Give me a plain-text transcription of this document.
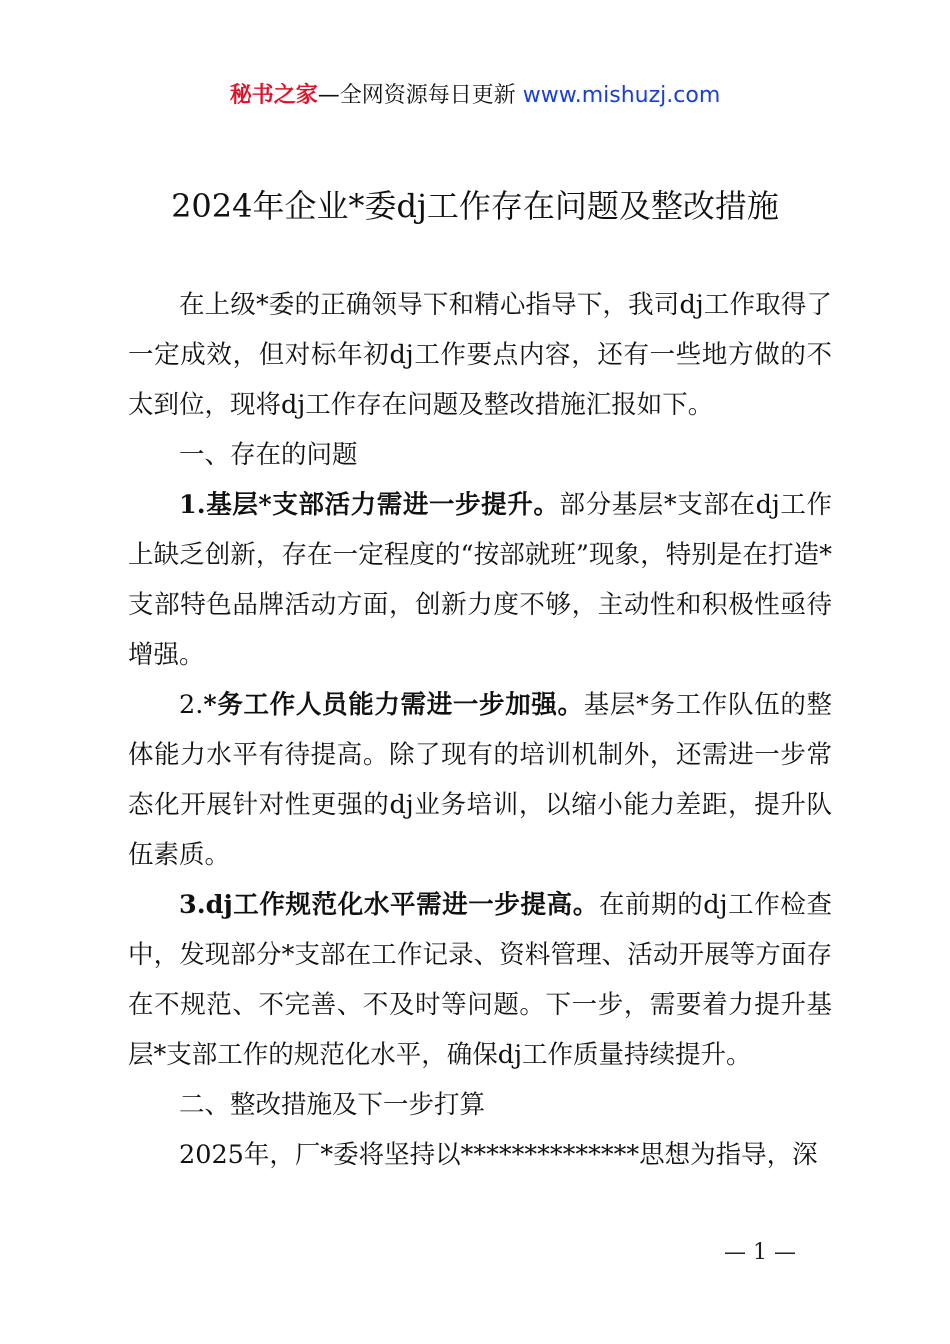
秘书之家—全网资源每日更新 www.mishuzj.com
2024年企业*委dj工作存在问题及整改措施

在上级*委的正确领导下和精心指导下，我司dj工作取得了一定成效，但对标年初dj工作要点内容，还有一些地方做的不太到位，现将dj工作存在问题及整改措施汇报如下。

一、存在的问题

1.基层*支部活力需进一步提升。部分基层*支部在dj工作上缺乏创新，存在一定程度的“按部就班”现象，特别是在打造*支部特色品牌活动方面，创新力度不够，主动性和积极性亟待增强。

2.*务工作人员能力需进一步加强。基层*务工作队伍的整体能力水平有待提高。除了现有的培训机制外，还需进一步常态化开展针对性更强的dj业务培训，以缩小能力差距，提升队伍素质。

3.dj工作规范化水平需进一步提高。在前期的dj工作检查中，发现部分*支部在工作记录、资料管理、活动开展等方面存在不规范、不完善、不及时等问题。下一步，需要着力提升基层*支部工作的规范化水平，确保dj工作质量持续提升。

二、整改措施及下一步打算

2025年，厂*委将坚持以**************思想为指导，深

— 1 —
